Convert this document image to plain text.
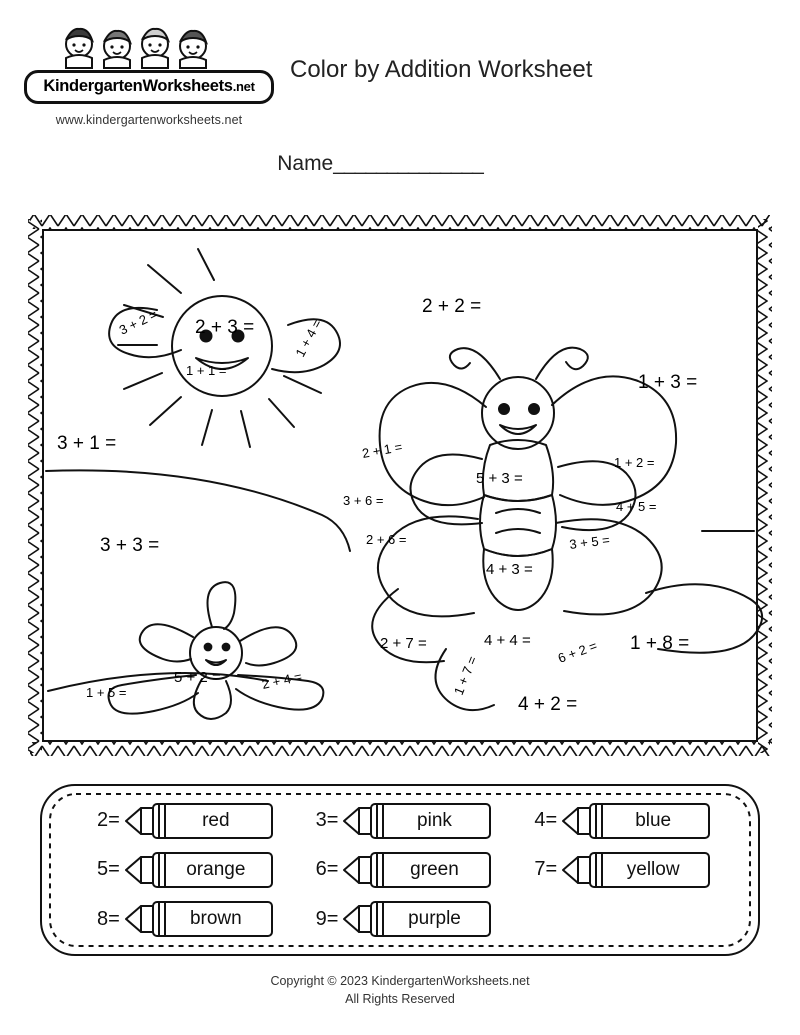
KindergartenWorksheets.net
www.kindergartenworksheets.net
Color by Addition Worksheet
Name______________
3 + 2 = 2 + 3 =
1 + 1 =
1 + 4 =
3 + 1 =
2 + 2 =
1 + 3 =
3 + 3 =
1 + 5 =
5 + 2 =	2 + 4 =
2 + 1 =
3 + 6 =
2 + 6 =
5 + 3 =
4 + 3 =
4 + 4 =
1 + 2 =
4 + 5 =
3 + 5 =
6 + 2 =
2 + 7 =
1 + 7 =
1 + 8 =
4 + 2 =
2=	red	3=	pink	4=	blue
5=	orange	6=	green	7=	yellow
8=	brown	9=	purple
Copyright © 2023 KindergartenWorksheets.net
All Rights Reserved
